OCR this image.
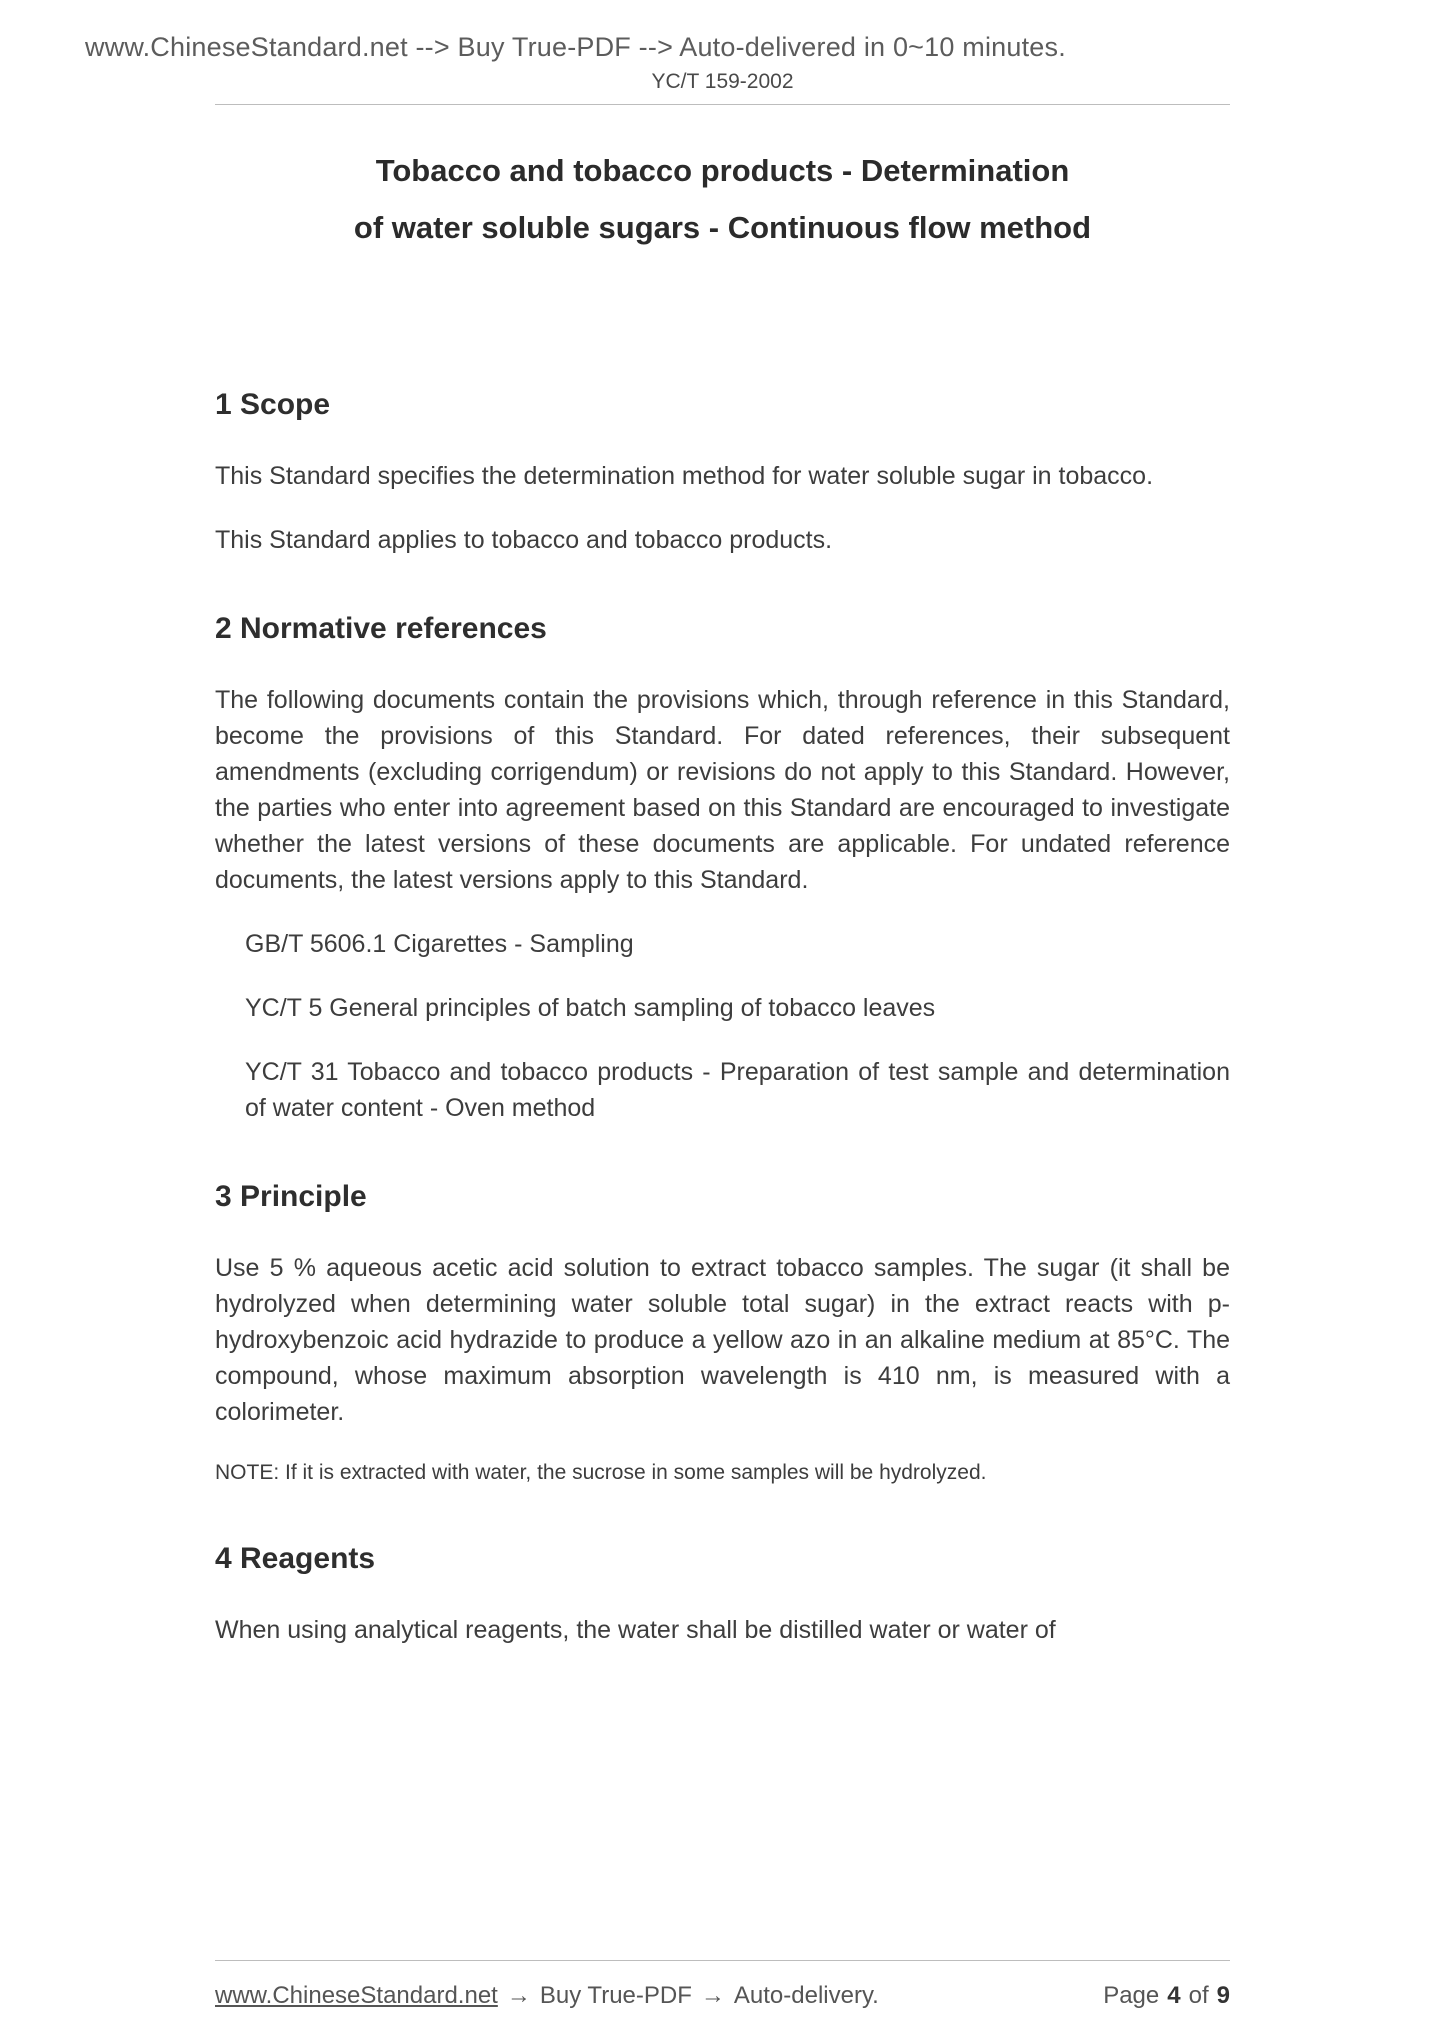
www.ChineseStandard.net --> Buy True-PDF --> Auto-delivered in 0~10 minutes.
YC/T 159-2002
Tobacco and tobacco products - Determination
of water soluble sugars - Continuous flow method
1 Scope

This Standard specifies the determination method for water soluble sugar in tobacco.

This Standard applies to tobacco and tobacco products.

2 Normative references

The following documents contain the provisions which, through reference in this Standard, become the provisions of this Standard. For dated references, their subsequent amendments (excluding corrigendum) or revisions do not apply to this Standard. However, the parties who enter into agreement based on this Standard are encouraged to investigate whether the latest versions of these documents are applicable. For undated reference documents, the latest versions apply to this Standard.

GB/T 5606.1 Cigarettes - Sampling

YC/T 5 General principles of batch sampling of tobacco leaves

YC/T 31 Tobacco and tobacco products - Preparation of test sample and determination of water content - Oven method

3 Principle

Use 5 % aqueous acetic acid solution to extract tobacco samples. The sugar (it shall be hydrolyzed when determining water soluble total sugar) in the extract reacts with p-hydroxybenzoic acid hydrazide to produce a yellow azo in an alkaline medium at 85°C. The compound, whose maximum absorption wavelength is 410 nm, is measured with a colorimeter.

NOTE: If it is extracted with water, the sucrose in some samples will be hydrolyzed.

4 Reagents

When using analytical reagents, the water shall be distilled water or water of

www.ChineseStandard.net → Buy True-PDF → Auto-delivery.	Page 4 of 9
